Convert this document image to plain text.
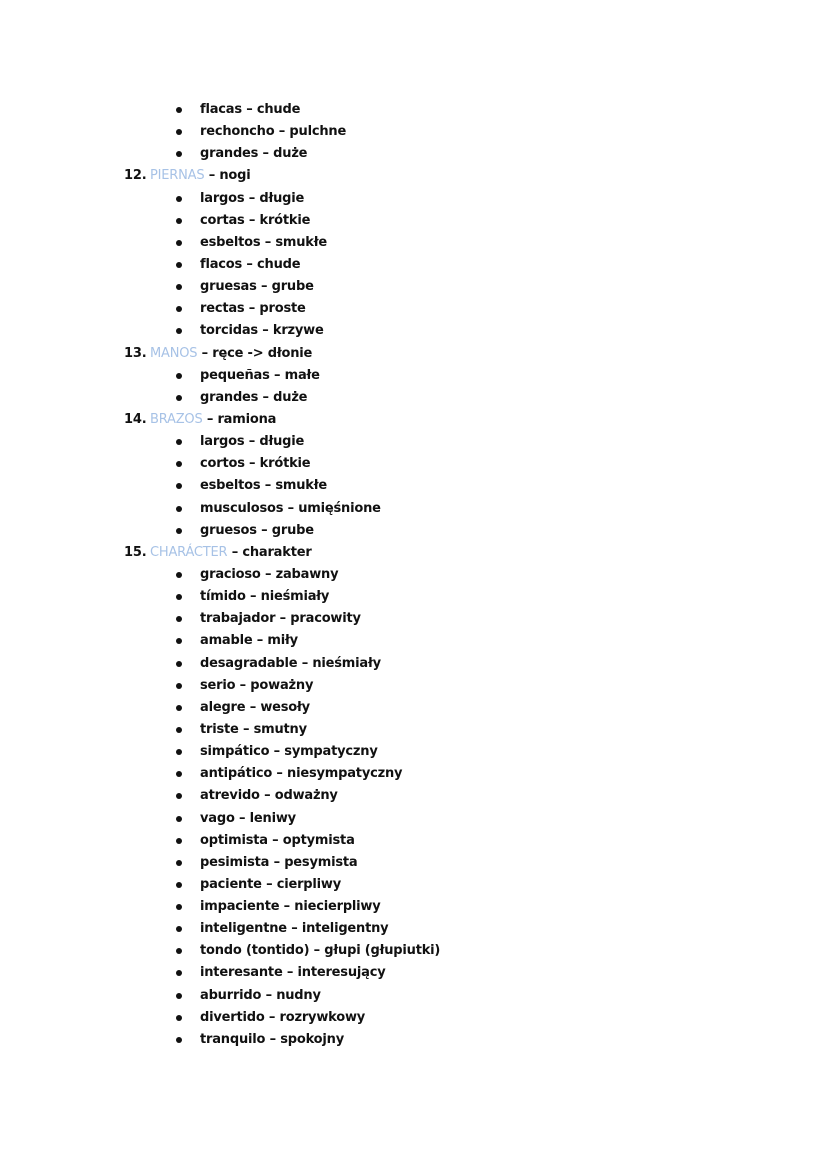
flacas – chude
rechoncho – pulchne
grandes – duże
12. PIERNAS – nogi
largos – długie
cortas – krótkie
esbeltos – smukłe
flacos – chude
gruesas – grube
rectas – proste
torcidas – krzywe
13. MANOS – ręce -> dłonie
pequeñas – małe
grandes – duże
14. BRAZOS – ramiona
largos – długie
cortos – krótkie
esbeltos – smukłe
musculosos – umięśnione
gruesos – grube
15. CHARÁCTER – charakter
gracioso – zabawny
tímido – nieśmiały
trabajador – pracowity
amable – miły
desagradable – nieśmiały
serio – poważny
alegre – wesoły
triste – smutny
simpático – sympatyczny
antipático – niesympatyczny
atrevido – odważny
vago – leniwy
optimista – optymista
pesimista – pesymista
paciente – cierpliwy
impaciente – niecierpliwy
inteligentne – inteligentny
tondo (tontido) – głupi (głupiutki)
interesante – interesujący
aburrido – nudny
divertido – rozrywkowy
tranquilo – spokojny
